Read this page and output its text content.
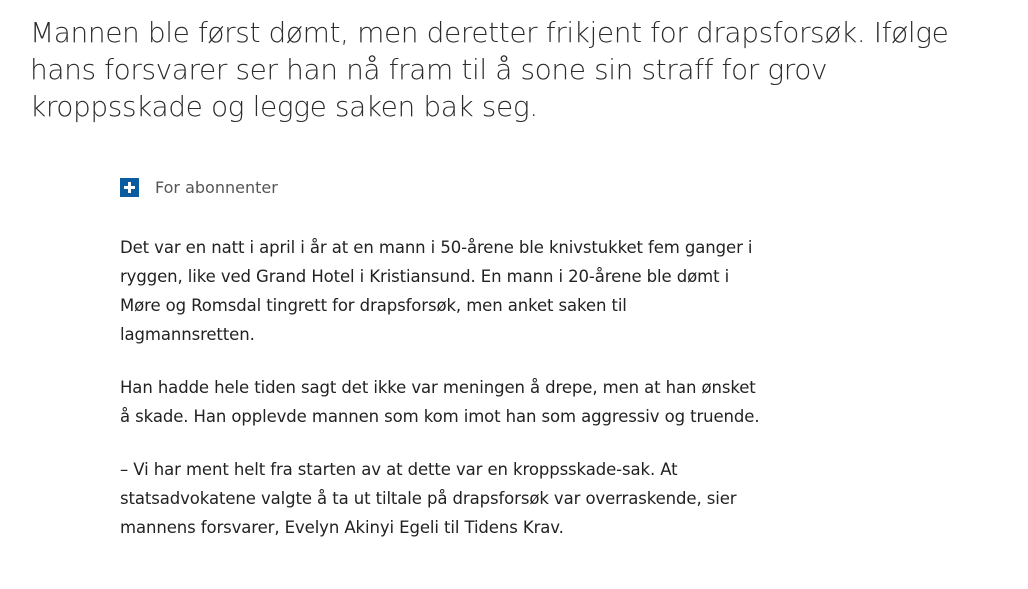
Mannen ble først dømt, men deretter frikjent for drapsforsøk. Ifølge hans forsvarer ser han nå fram til å sone sin straff for grov kroppsskade og legge saken bak seg.

For abonnenter

Det var en natt i april i år at en mann i 50-årene ble knivstukket fem ganger i ryggen, like ved Grand Hotel i Kristiansund. En mann i 20-årene ble dømt i Møre og Romsdal tingrett for drapsforsøk, men anket saken til lagmannsretten.

Han hadde hele tiden sagt det ikke var meningen å drepe, men at han ønsket å skade. Han opplevde mannen som kom imot han som aggressiv og truende.

– Vi har ment helt fra starten av at dette var en kroppsskade-sak. At statsadvokatene valgte å ta ut tiltale på drapsforsøk var overraskende, sier mannens forsvarer, Evelyn Akinyi Egeli til Tidens Krav.
